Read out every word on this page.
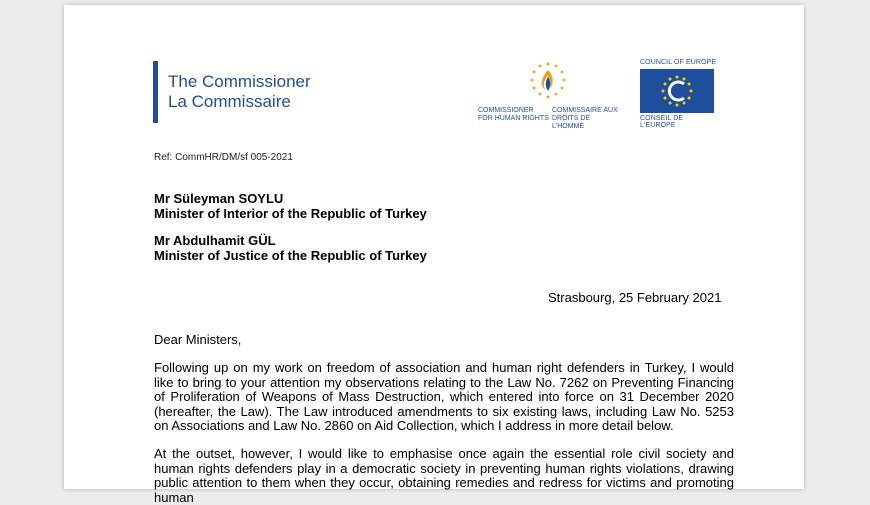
The Commissioner
La Commissaire	COMMISSIONER
FOR HUMAN RIGHTS
COMMISSAIRE AUX
DROITS DE L'HOMME
COUNCIL OF EUROPE
CONSEIL DE L'EUROPE
Ref: CommHR/DM/sf 005-2021
Mr Süleyman SOYLU
Minister of Interior of the Republic of Turkey
Mr Abdulhamit GÜL
Minister of Justice of the Republic of Turkey
Strasbourg, 25 February 2021
Dear Ministers,
Following up on my work on freedom of association and human right defenders in Turkey, I would like to bring to your attention my observations relating to the Law No. 7262 on Preventing Financing of Proliferation of Weapons of Mass Destruction, which entered into force on 31 December 2020 (hereafter, the Law). The Law introduced amendments to six existing laws, including Law No. 5253 on Associations and Law No. 2860 on Aid Collection, which I address in more detail below.
At the outset, however, I would like to emphasise once again the essential role civil society and human rights defenders play in a democratic society in preventing human rights violations, drawing public attention to them when they occur, obtaining remedies and redress for victims and promoting human
